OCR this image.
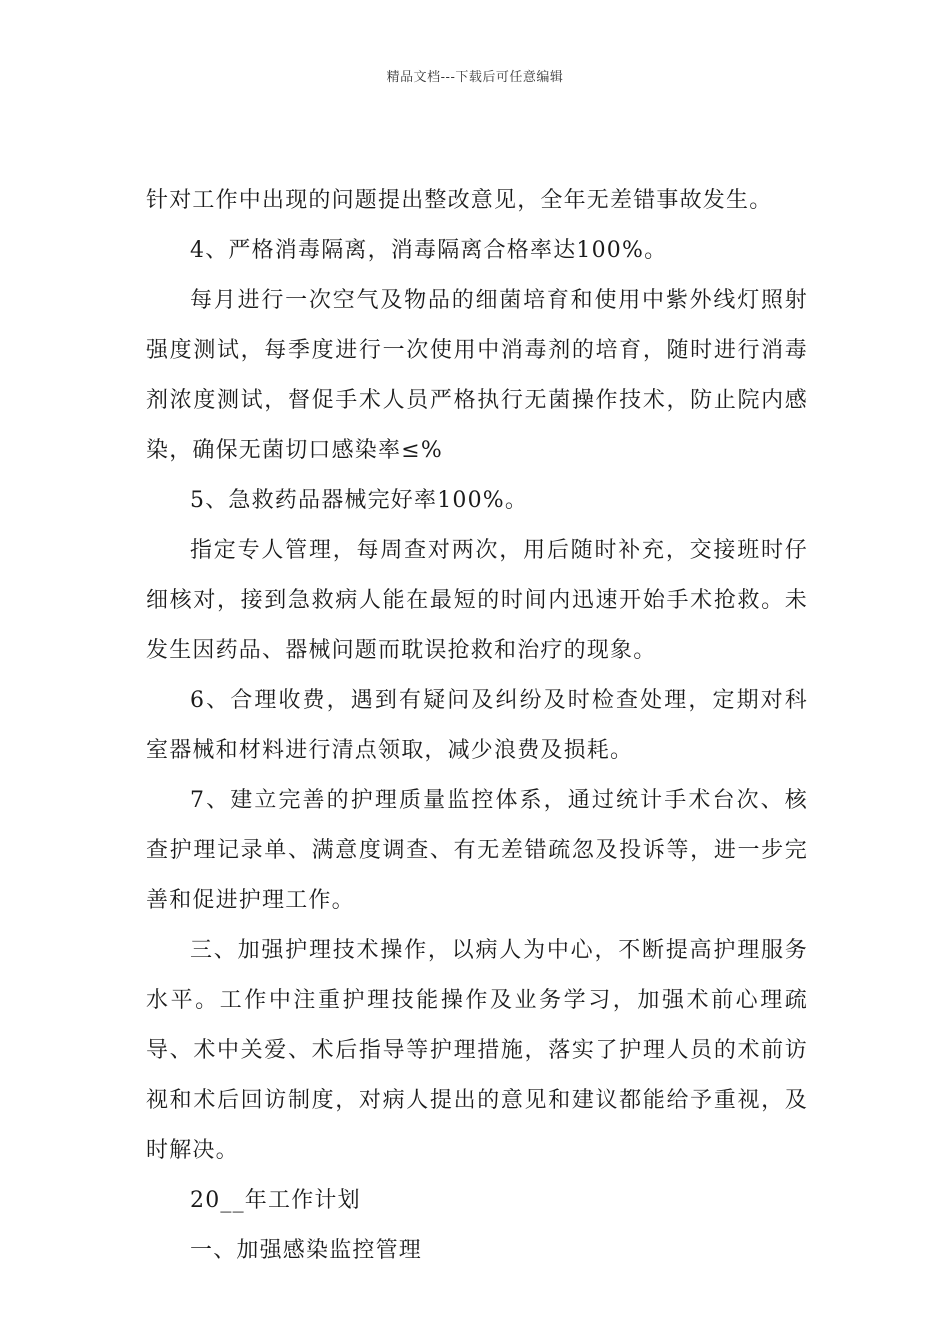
精品文档---下载后可任意编辑

针对工作中出现的问题提出整改意见，全年无差错事故发生。

4、严格消毒隔离，消毒隔离合格率达100%。

每月进行一次空气及物品的细菌培育和使用中紫外线灯照射强度测试，每季度进行一次使用中消毒剂的培育，随时进行消毒剂浓度测试，督促手术人员严格执行无菌操作技术，防止院内感染，确保无菌切口感染率≤%

5、急救药品器械完好率100%。

指定专人管理，每周查对两次，用后随时补充，交接班时仔细核对，接到急救病人能在最短的时间内迅速开始手术抢救。未发生因药品、器械问题而耽误抢救和治疗的现象。

6、合理收费，遇到有疑问及纠纷及时检查处理，定期对科室器械和材料进行清点领取，减少浪费及损耗。

7、建立完善的护理质量监控体系，通过统计手术台次、核查护理记录单、满意度调查、有无差错疏忽及投诉等，进一步完善和促进护理工作。

三、加强护理技术操作，以病人为中心，不断提高护理服务水平。工作中注重护理技能操作及业务学习，加强术前心理疏导、术中关爱、术后指导等护理措施，落实了护理人员的术前访视和术后回访制度，对病人提出的意见和建议都能给予重视，及时解决。

20__年工作计划

一、加强感染监控管理
